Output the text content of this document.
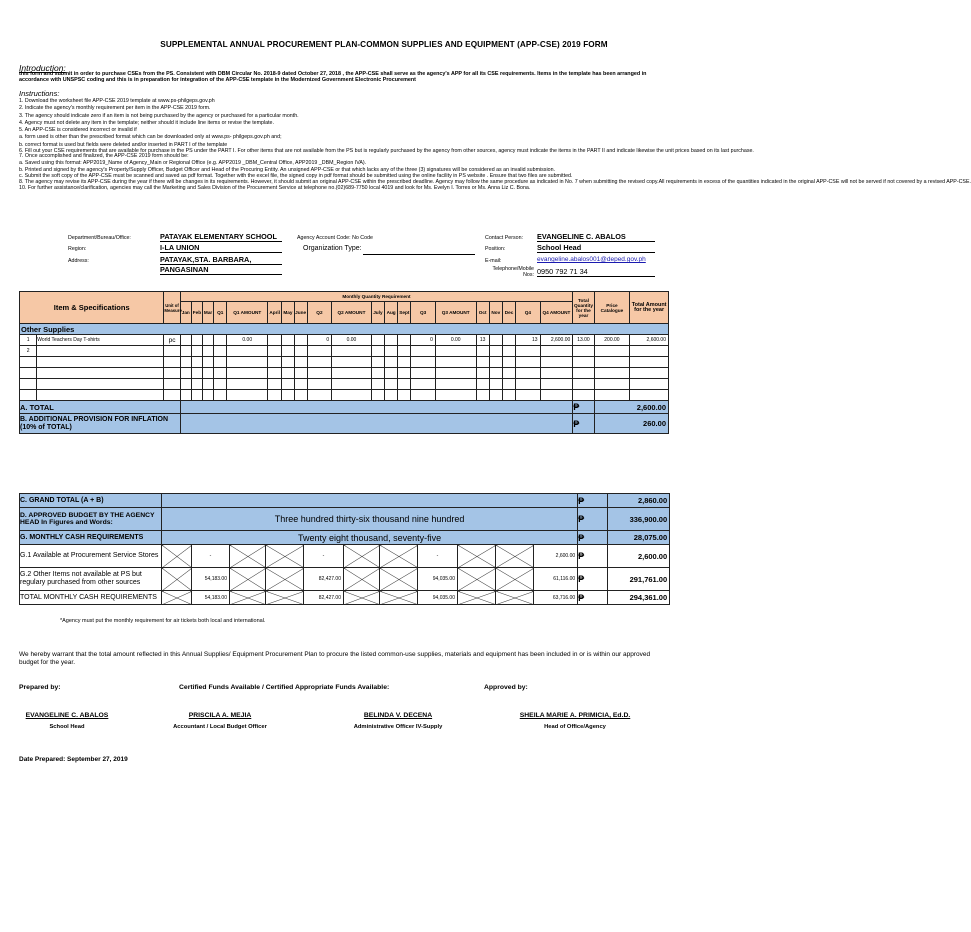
SUPPLEMENTAL ANNUAL PROCUREMENT PLAN-COMMON SUPPLIES AND EQUIPMENT (APP-CSE) 2019 FORM
Introduction:
this form and submit in order to purchase CSEs from the PS. Consistent with DBM Circular No. 2018-9 dated October 27, 2018 , the APP-CSE shall serve as the agency's APP for all its CSE requirements. Items in the template has been arranged in accordance with UNSPSC coding and this is in preparation for integration of the APP-CSE template in the Modernized Government Electronic Procurement
Instructions:
1. Download the worksheet file APP-CSE 2019 template at www.ps-philgeps.gov.ph
2. Indicate the agency's monthly requirement per item in the APP-CSE 2019 form.
3. The agency should indicate zero if an item is not being purchased by the agency or purchased for a particular month.
4. Agency must not delete any item in the template; neither should it include line items or revise the template.
5. An APP-CSE is considered incorrect or invalid if
a. form used is other than the prescribed format which can be downloaded only at www.ps- philgeps.gov.ph and;
b. correct format is used but fields were deleted and/or inserted in PART I of the template
6. Fill out your CSE requirements that are available for purchase in the PS under the PART I. For other items that are not available from the PS but is regularly purchased by the agency from other sources, agency must indicate the items in the PART II and indicate likewise the unit prices based on its last purchase.
7. Once accomplished and finalized, the APP-CSE 2019 form should be:
a. Saved using this format: APP2019_Name of Agency_Main or Regional Office (e.g. APP2019 _DBM_Central Office, APP2019 _DBM_Region IVA).
b. Printed and signed by the agency's Property/Supply Officer, Budget Officer and Head of the Procuring Entity. An unsigned APP-CSE or that which lacks any of the three (3) signatures will be considered as an invalid submission.
c. Submit the soft copy of the APP-CSE must be scanned and saved as pdf format. Together with the excel file, the signed copy in pdf format should be submitted using the online facility in PS website . Ensure that two files are submitted.
8. The agency may revise its APP-CSE during the year if there will be changes in its requirements. However, it should submit an original APP-CSE within the prescribed deadline. Agency may follow the same procedure as indicated in No. 7 when submitting the revised copy.All requirements in excess of the quantities indicated in the original APP-CSE will not be served if not covered by a revised APP-CSE.
10. For further assistance/clarification, agencies may call the Marketing and Sales Division of the Procurement Service at telephone no.(02)689-7750 local 4019 and look for Ms. Evelyn I. Torres or Ms. Anna Liz C. Bona.
Department/Bureau/Office:	PATAYAK ELEMENTARY SCHOOL
Region:	I-LA UNION
Address:	PATAYAK,STA. BARBARA,
PANGASINAN
Agency Account Code: No Code
Organization Type:
Contact Person: EVANGELINE C. ABALOS
Position:	School Head
E-mail:	evangeline.abalos001@deped.gov.ph
Telephone/Mobile
Nos: 0950 792 71 34
Item & Specifications		Unit of Measure	Monthly Quantity Requirement																				Total Quantity for the year	Price Catalogue	Total Amount for the year
			Jan	Feb	Mar	Q1	Q1 AMOUNT	April	May	June	Q2	Q2 AMOUNT	July	Aug	Sept	Q3	Q3 AMOUNT	Oct	Nov	Dec	Q4	Q4 AMOUNT			
Other Supplies																									
1	World Teachers Day T-shirts	pc					0.00				0	0.00				0	0.00	13			13	2,600.00	13.00	200.00	2,600.00
2																									

A. TOTAL																							₱	2,600.00	
B. ADDITIONAL PROVISION FOR INFLATION (10% of TOTAL)																							₱	260.00	
C. GRAND TOTAL (A + B)												₱	2,860.00
D. APPROVED BUDGET BY THE AGENCY HEAD In Figures and Words:	Three hundred thirty-six thousand nine hundred											₱	336,900.00
G. MONTHLY CASH REQUIREMENTS	Twenty eight thousand, seventy-five											₱	28,075.00
G.1 Available at Procurement Service Stores		-			-			-			2,600.00	₱	2,600.00
G.2 Other Items not available at PS but regulary purchased from other sources		54,183.00			82,427.00			94,035.00			61,116.00	₱	291,761.00
TOTAL MONTHLY CASH REQUIREMENTS		54,183.00			82,427.00			94,035.00			63,716.00	₱	294,361.00
*Agency must put the monthly requirement for air tickets both local and international.
We hereby warrant that the total amount reflected in this Annual Supplies/ Equipment Procurement Plan to procure the listed common-use supplies, materials and equipment has been included in or is within our approved budget for the year.
Prepared by:	Certified Funds Available / Certified Appropriate Funds Available:	Approved by:
EVANGELINE C. ABALOS
School Head
PRISCILA A. MEJIA
Accountant / Local Budget Officer
BELINDA V. DECENA
Administrative Officer IV-Supply
SHEILA MARIE A. PRIMICIA, Ed.D.
Head of Office/Agency
Date Prepared: September 27, 2019
